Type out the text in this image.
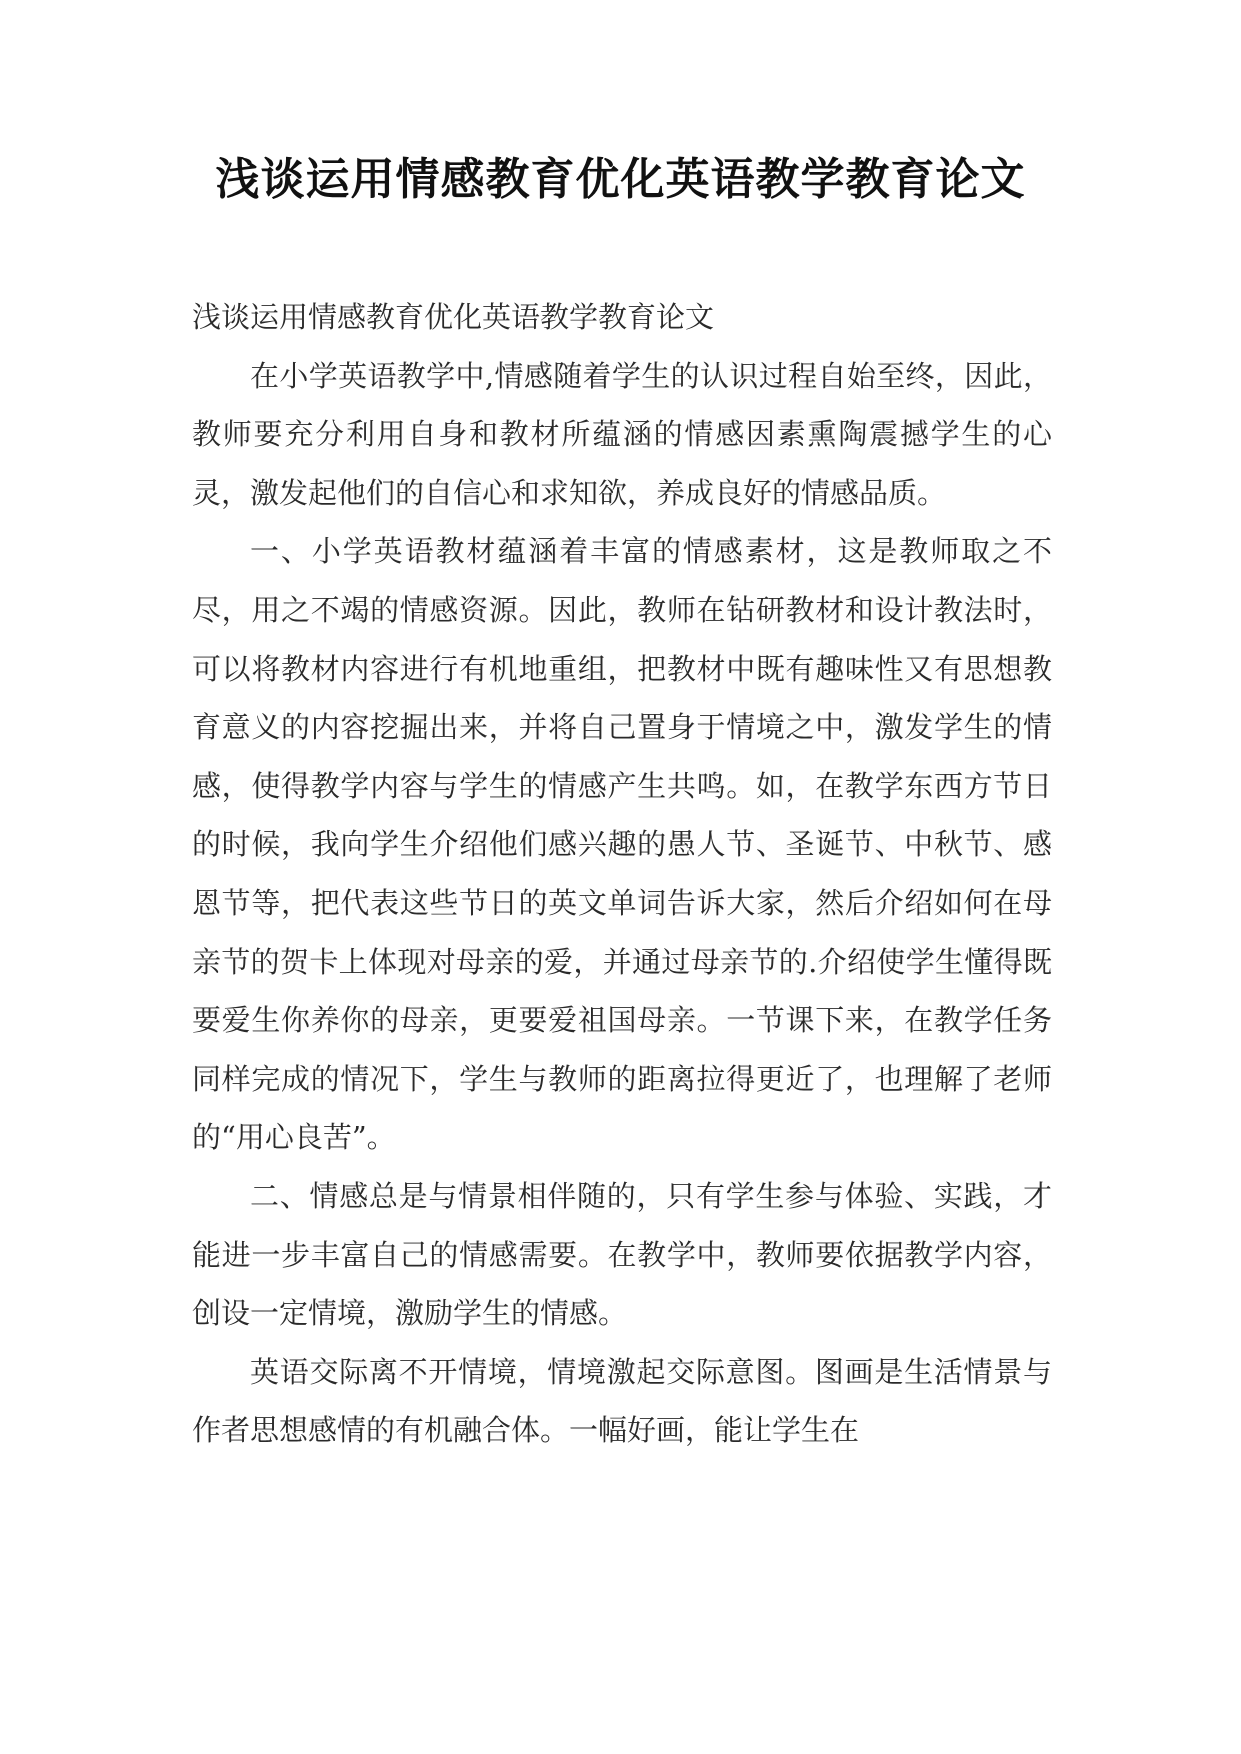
浅谈运用情感教育优化英语教学教育论文

浅谈运用情感教育优化英语教学教育论文

在小学英语教学中,情感随着学生的认识过程自始至终，因此，教师要充分利用自身和教材所蕴涵的情感因素熏陶震撼学生的心灵，激发起他们的自信心和求知欲，养成良好的情感品质。

一、小学英语教材蕴涵着丰富的情感素材，这是教师取之不尽，用之不竭的情感资源。因此，教师在钻研教材和设计教法时，可以将教材内容进行有机地重组，把教材中既有趣味性又有思想教育意义的内容挖掘出来，并将自己置身于情境之中，激发学生的情感，使得教学内容与学生的情感产生共鸣。如，在教学东西方节日的时候，我向学生介绍他们感兴趣的愚人节、圣诞节、中秋节、感恩节等，把代表这些节日的英文单词告诉大家，然后介绍如何在母亲节的贺卡上体现对母亲的爱，并通过母亲节的.介绍使学生懂得既要爱生你养你的母亲，更要爱祖国母亲。一节课下来，在教学任务同样完成的情况下，学生与教师的距离拉得更近了，也理解了老师的“用心良苦”。

二、情感总是与情景相伴随的，只有学生参与体验、实践，才能进一步丰富自己的情感需要。在教学中，教师要依据教学内容，创设一定情境，激励学生的情感。

英语交际离不开情境，情境激起交际意图。图画是生活情景与作者思想感情的有机融合体。一幅好画，能让学生在
